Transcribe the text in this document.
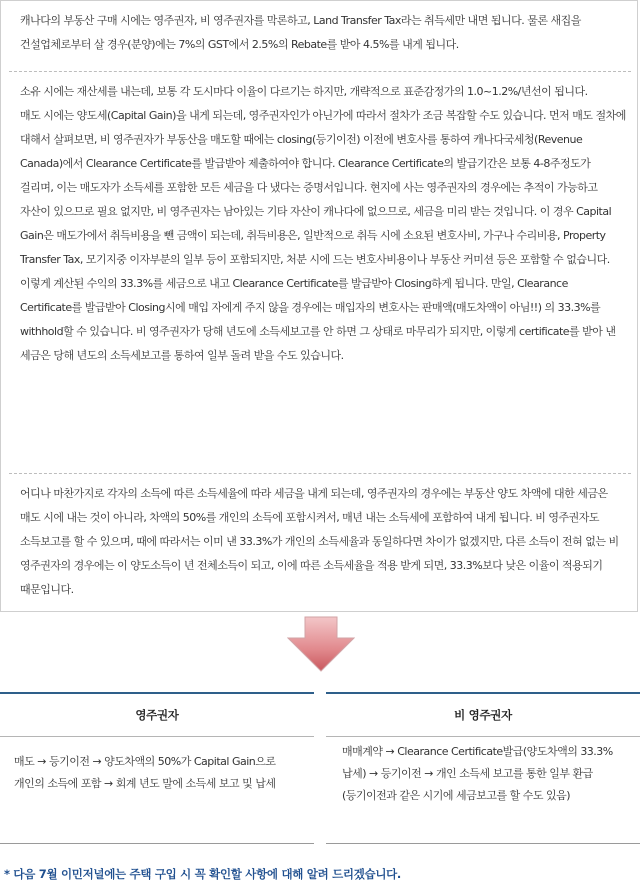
캐나다의 부동산 구매 시에는 영주권자, 비 영주권자를 막론하고, Land Transfer Tax라는 취득세만 내면 됩니다. 물론 새집을 건설업체로부터 살 경우(분양)에는 7%의 GST에서 2.5%의 Rebate를 받아 4.5%를 내게 됩니다.

소유 시에는 재산세를 내는데, 보통 각 도시마다 이율이 다르기는 하지만, 개략적으로 표준감정가의 1.0~1.2%/년선이 됩니다.

매도 시에는 양도세(Capital Gain)을 내게 되는데, 영주권자인가 아닌가에 따라서 절차가 조금 복잡할 수도 있습니다. 먼저 매도 절차에 대해서 살펴보면, 비 영주권자가 부동산을 매도할 때에는 closing(등기이전) 이전에 변호사를 통하여 캐나다국세청(Revenue Canada)에서 Clearance Certificate를 발급받아 제출하여야 합니다. Clearance Certificate의 발급기간은 보통 4-8주정도가 걸리며, 이는 매도자가 소득세를 포함한 모든 세금을 다 냈다는 증명서입니다. 현지에 사는 영주권자의 경우에는 추적이 가능하고 자산이 있으므로 필요 없지만, 비 영주권자는 남아있는 기타 자산이 캐나다에 없으므로, 세금을 미리 받는 것입니다. 이 경우 Capital Gain은 매도가에서 취득비용을 뺀 금액이 되는데, 취득비용은, 일반적으로 취득 시에 소요된 변호사비, 가구나 수리비용, Property Transfer Tax, 모기지중 이자부분의 일부 등이 포함되지만, 처분 시에 드는 변호사비용이나 부동산 커미션 등은 포함할 수 없습니다.

이렇게 계산된 수익의 33.3%를 세금으로 내고 Clearance Certificate를 발급받아 Closing하게 됩니다. 만일, Clearance Certificate를 발급받아 Closing시에 매입 자에게 주지 않을 경우에는 매입자의 변호사는 판매액(매도차액이 아님!!) 의 33.3%를 withhold할 수 있습니다. 비 영주권자가 당해 년도에 소득세보고를 안 하면 그 상태로 마무리가 되지만, 이렇게 certificate를 받아 낸 세금은 당해 년도의 소득세보고를 통하여 일부 돌려 받을 수도 있습니다.

어디나 마찬가지로 각자의 소득에 따른 소득세율에 따라 세금을 내게 되는데, 영주권자의 경우에는 부동산 양도 차액에 대한 세금은 매도 시에 내는 것이 아니라, 차액의 50%를 개인의 소득에 포함시켜서, 매년 내는 소득세에 포함하여 내게 됩니다. 비 영주권자도 소득보고를 할 수 있으며, 때에 따라서는 이미 낸 33.3%가 개인의 소득세율과 동일하다면 차이가 없겠지만, 다른 소득이 전혀 없는 비 영주권자의 경우에는 이 양도소득이 년 전체소득이 되고, 이에 따른 소득세율을 적용 받게 되면, 33.3%보다 낮은 이율이 적용되기 때문입니다.

영주권자

매도 → 등기이전 → 양도차액의 50%가 Capital Gain으로 개인의 소득에 포함 → 회계 년도 말에 소득세 보고 및 납세

비 영주권자

매매계약 → Clearance Certificate발급(양도차액의 33.3% 납세) → 등기이전 → 개인 소득세 보고를 통한 일부 환급(등기이전과 같은 시기에 세금보고를 할 수도 있음)

* 다음 7월 이민저널에는 주택 구입 시 꼭 확인할 사항에 대해 알려 드리겠습니다.
